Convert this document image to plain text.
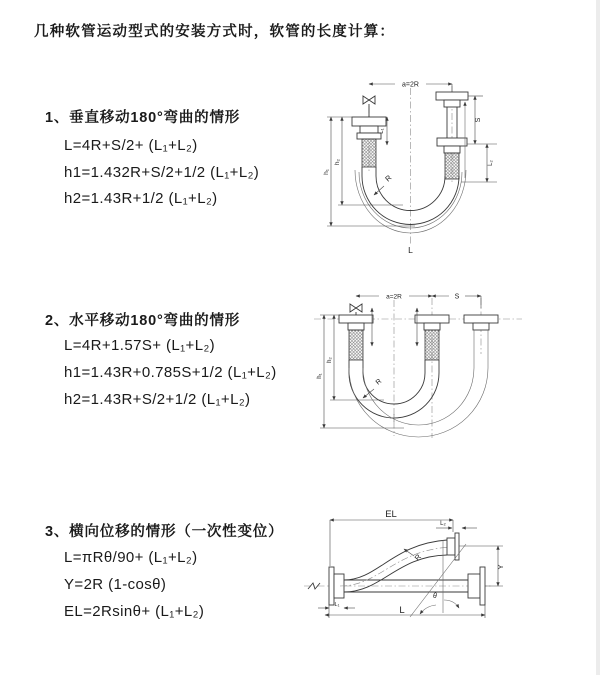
几种软管运动型式的安装方式时，软管的长度计算：
1、垂直移动180°弯曲的情形
L=4R+S/2+ (L₁+L₂)
h1=1.432R+S/2+1/2 (L₁+L₂)
h2=1.43R+1/2 (L₁+L₂)
a=2R
h₁
h₂
L₁
S
L₂
R
L
2、水平移动180°弯曲的情形
L=4R+1.57S+ (L₁+L₂)
h1=1.43R+0.785S+1/2 (L₁+L₂)
h2=1.43R+S/2+1/2 (L₁+L₂)
a=2R	S
h₁
h₂
R
3、横向位移的情形（一次性变位）
L=πRθ/90+ (L₁+L₂)
Y=2R (1-cosθ)
EL=2Rsinθ+ (L₁+L₂)
EL
L₂
θ
R
Y
L₁	L
